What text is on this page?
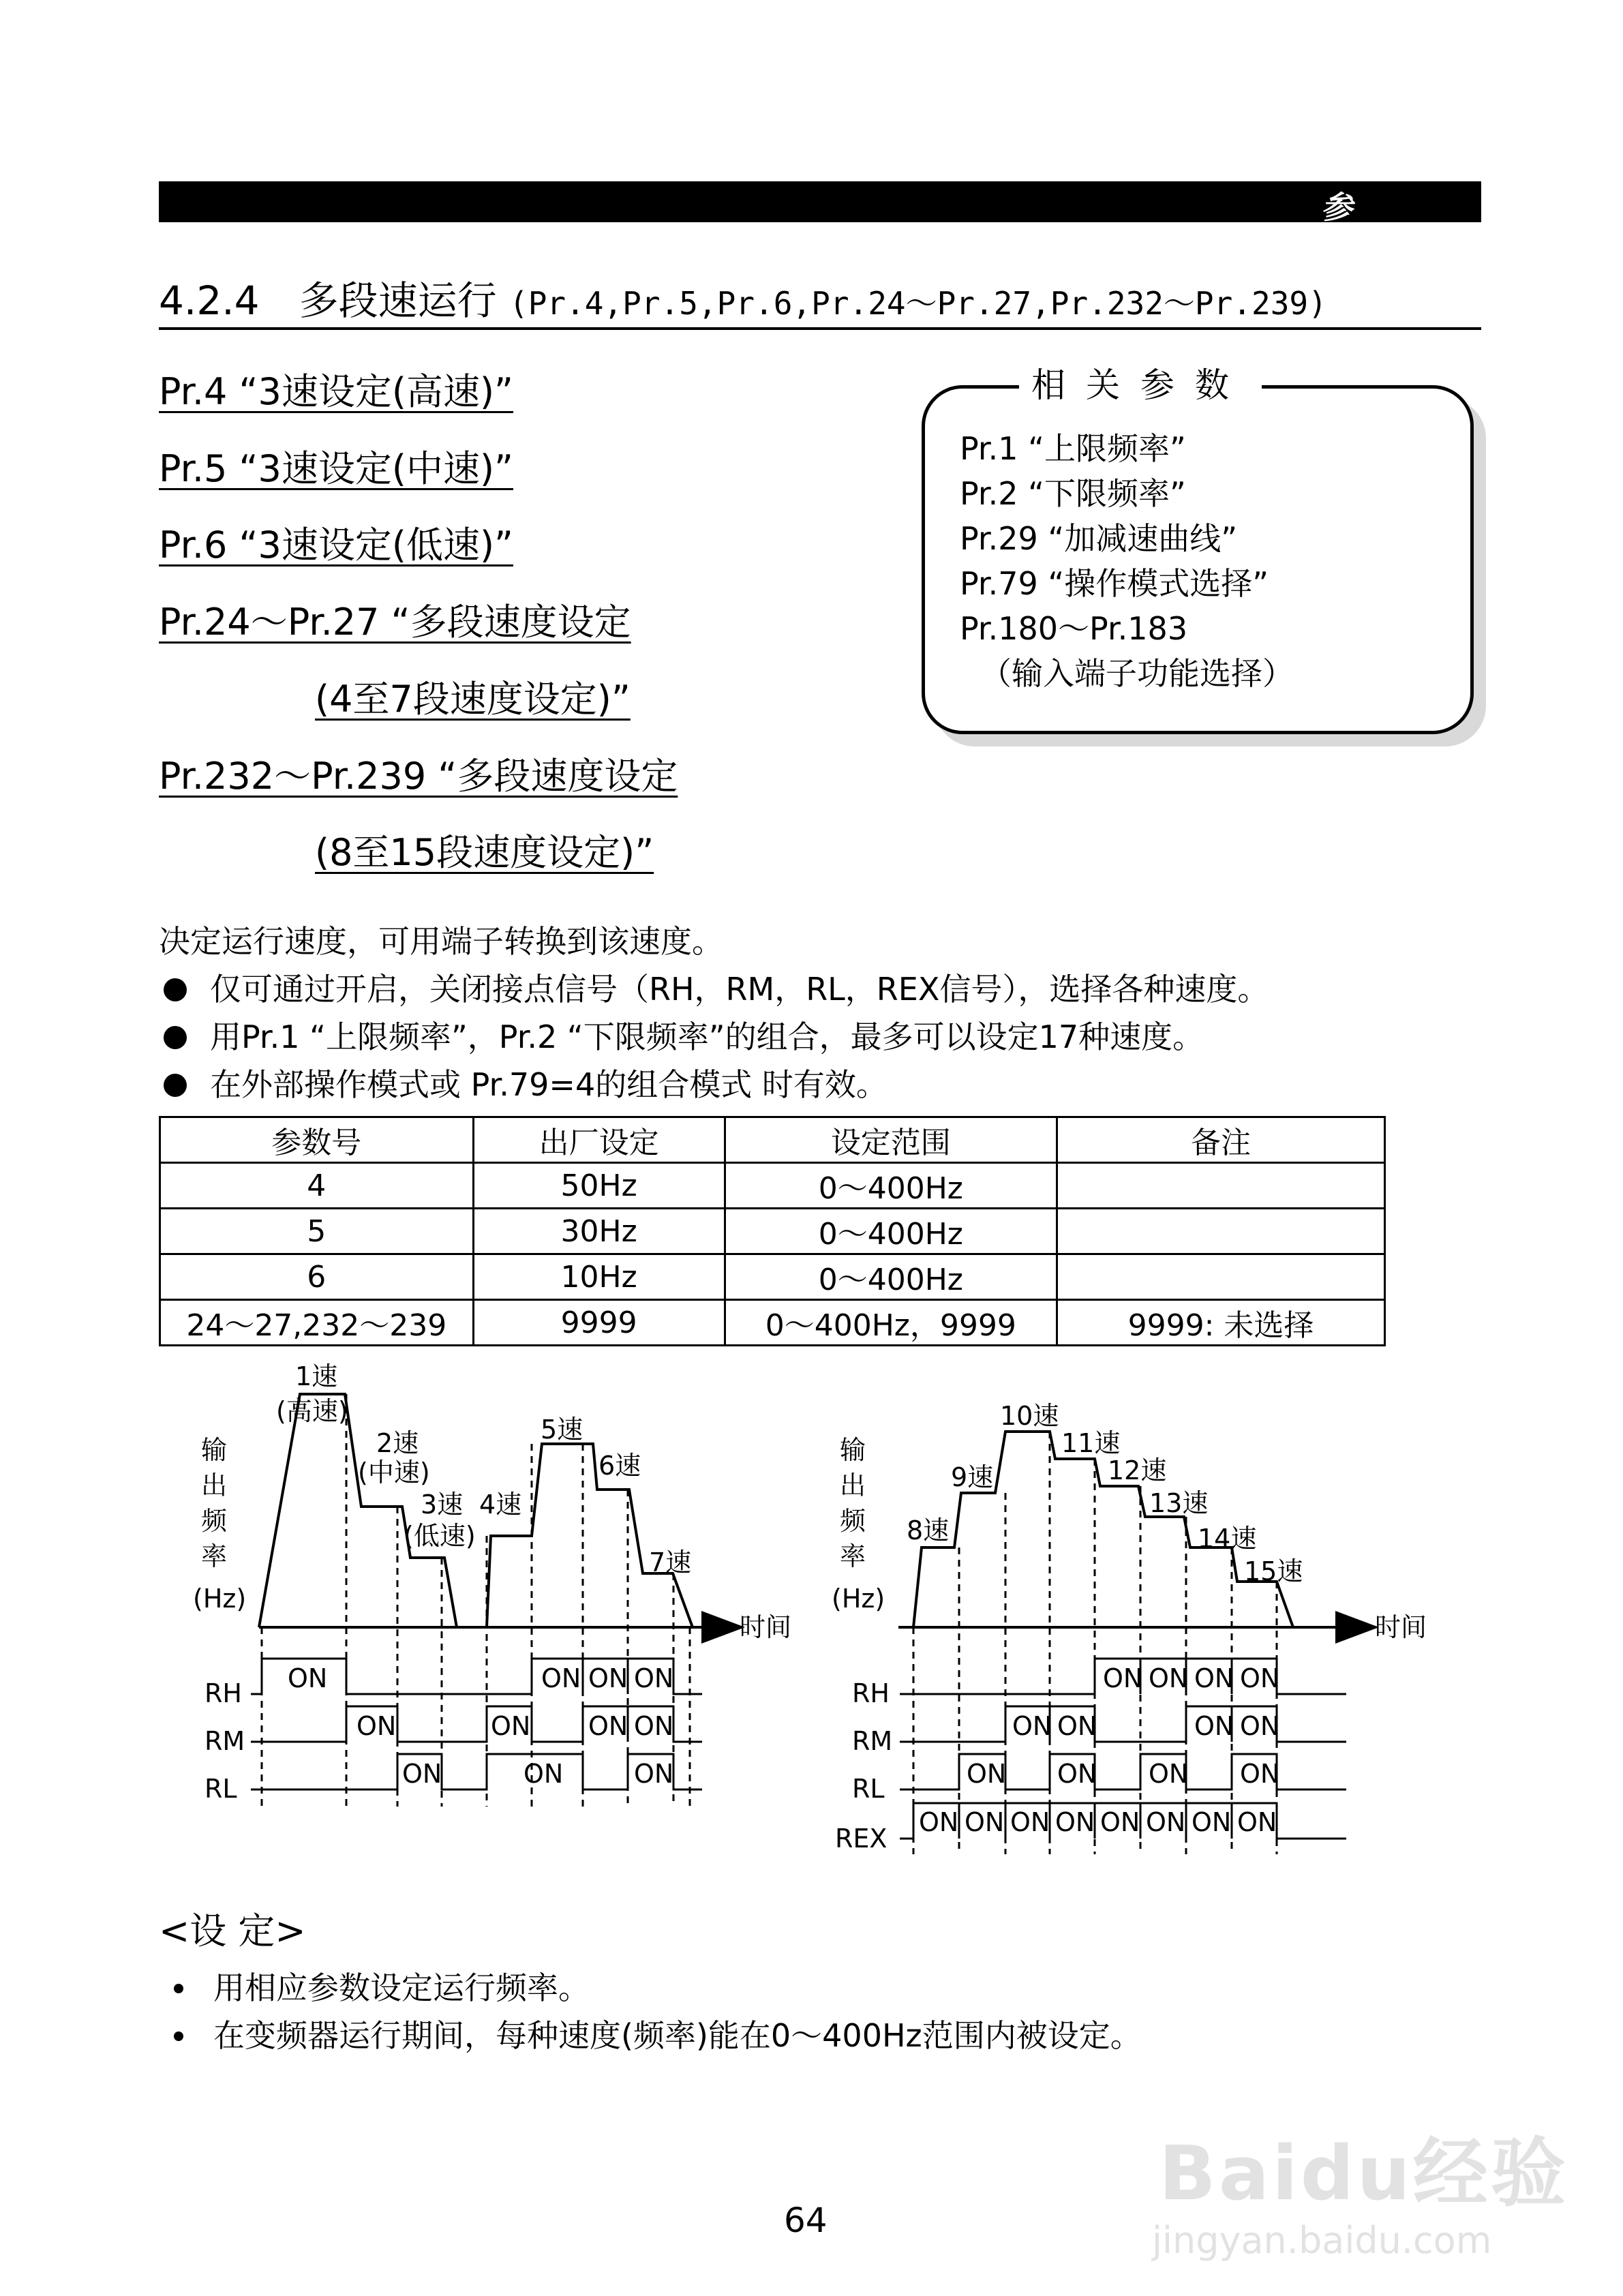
参	数
4.2.4　多段速运行 (Pr.4,Pr.5,Pr.6,Pr.24～Pr.27,Pr.232～Pr.239)
Pr.4 “3速设定(高速)”
Pr.5 “3速设定(中速)”
Pr.6 “3速设定(低速)”
Pr.24～Pr.27 “多段速度设定
(4至7段速度设定)”
Pr.232～Pr.239 “多段速度设定
(8至15段速度设定)”
相关参数
Pr.1 “上限频率”
Pr.2 “下限频率”
Pr.29 “加减速曲线”
Pr.79 “操作模式选择”
Pr.180～Pr.183
（输入端子功能选择）
决定运行速度，可用端子转换到该速度。
仅可通过开启，关闭接点信号（RH，RM，RL，REX信号），选择各种速度。
用Pr.1 “上限频率”，Pr.2 “下限频率”的组合，最多可以设定17种速度。
在外部操作模式或 Pr.79=4的组合模式 时有效。
参数号	出厂设定	设定范围	备注
4	50Hz	0～400Hz	
5	30Hz	0～400Hz	
6	10Hz	0～400Hz	
24～27,232～239	9999	0～400Hz，9999	9999: 未选择
输
出
频
率
(Hz)
时间
1速
(高速)
2速
(中速)
3速
(低速)
4速
5速
6速
7速
RH
RM
RL
ON
ON
ON
ON
ON
ON ON
ON
ON
ON
ON
输
出
频
率
(Hz)
时间
8速
9速
10速
11速
12速
13速
14速
15速
RH
RM
RL
REX
ON ON ON ON
ON ON	ON ON
ON ON ON ON
ON ON ON ON ON ON ON ON
<设 定>
用相应参数设定运行频率。
在变频器运行期间，每种速度(频率)能在0～400Hz范围内被设定。
Baidu经验
jingyan.baidu.com
64
